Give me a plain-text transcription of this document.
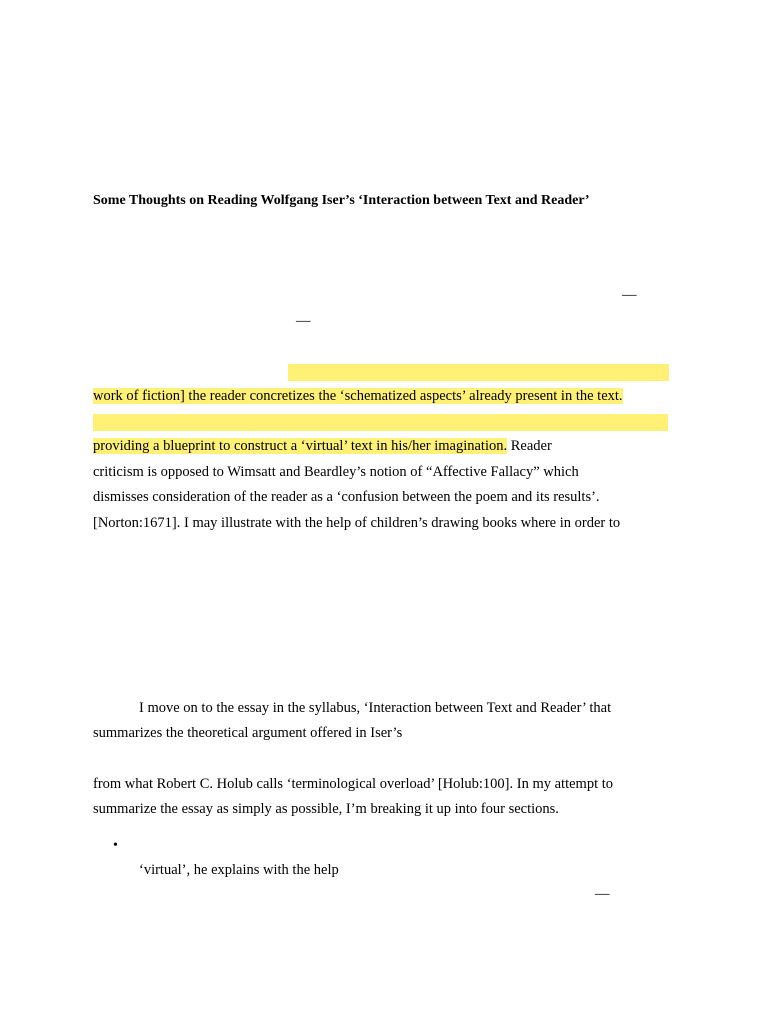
Some Thoughts on Reading Wolfgang Iser’s ‘Interaction between Text and Reader’
—
—
work of fiction] the reader concretizes the ‘schematized aspects’ already present in the text.
providing a blueprint to construct a ‘virtual’ text in his/her imagination. Reader
criticism is opposed to Wimsatt and Beardley’s notion of “Affective Fallacy” which
dismisses consideration of the reader as a ‘confusion between the poem and its results’.
[Norton:1671]. I may illustrate with the help of children’s drawing books where in order to
I move on to the essay in the syllabus, ‘Interaction between Text and Reader’ that
summarizes the theoretical argument offered in Iser’s
from what Robert C. Holub calls ‘terminological overload’ [Holub:100]. In my attempt to
summarize the essay as simply as possible, I’m breaking it up into four sections.
•
‘virtual’, he explains with the help
—
